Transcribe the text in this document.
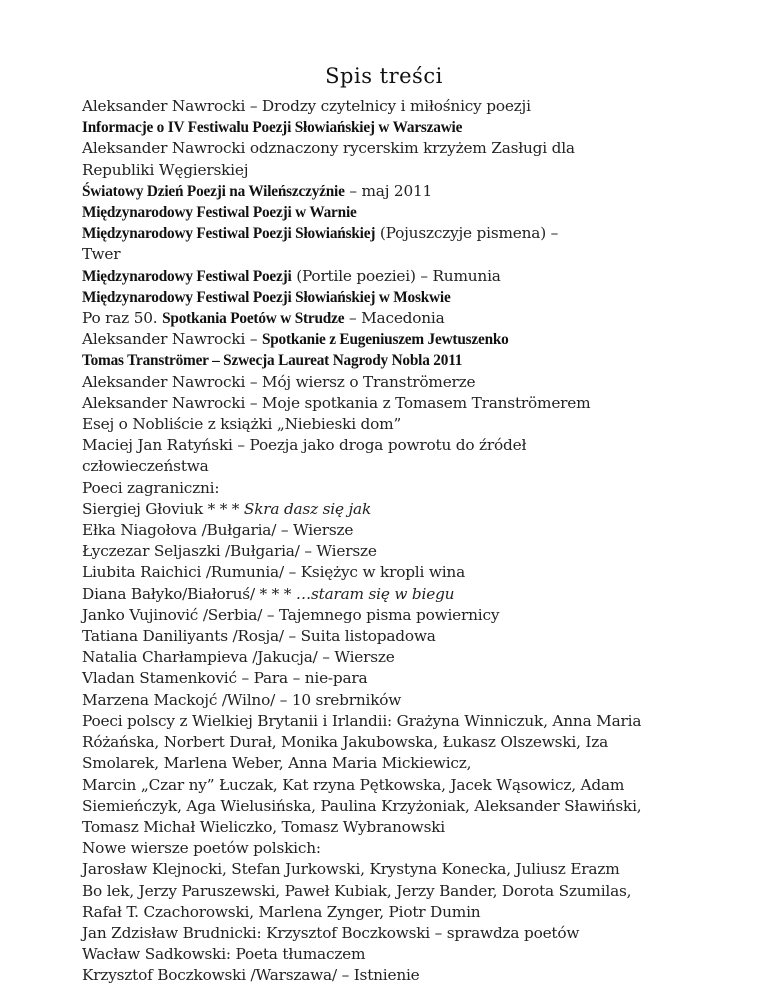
Spis treści
Aleksander Nawrocki – Drodzy czytelnicy i miłośnicy poezji
Informacje o IV Festiwalu Poezji Słowiańskiej w Warszawie
Aleksander Nawrocki odznaczony rycerskim krzyżem Zasługi dla
Republiki Węgierskiej
Światowy Dzień Poezji na Wileńszczyźnie – maj 2011
Międzynarodowy Festiwal Poezji w Warnie
Międzynarodowy Festiwal Poezji Słowiańskiej (Pojuszczyje pismena) –
Twer
Międzynarodowy Festiwal Poezji (Portile poeziei) – Rumunia
Międzynarodowy Festiwal Poezji Słowiańskiej w Moskwie
Po raz 50. Spotkania Poetów w Strudze – Macedonia
Aleksander Nawrocki – Spotkanie z Eugeniuszem Jewtuszenko
Tomas Tranströmer – Szwecja Laureat Nagrody Nobla 2011
Aleksander Nawrocki – Mój wiersz o Tranströmerze
Aleksander Nawrocki – Moje spotkania z Tomasem Tranströmerem
Esej o Nobliście z książki „Niebieski dom”
Maciej Jan Ratyński – Poezja jako droga powrotu do źródeł
człowieczeństwa
Poeci zagraniczni:
Siergiej Głoviuk * * * Skra dasz się jak
Ełka Niagołova /Bułgaria/ – Wiersze
Łyczezar Seljaszki /Bułgaria/ – Wiersze
Liubita Raichici /Rumunia/ – Księżyc w kropli wina
Diana Bałyko/Białoruś/ * * * …staram się w biegu
Janko Vujinović /Serbia/ – Tajemnego pisma powiernicy
Tatiana Daniliyants /Rosja/ – Suita listopadowa
Natalia Charłampieva /Jakucja/ – Wiersze
Vladan Stamenković – Para – nie-para
Marzena Mackojć /Wilno/ – 10 srebrników
Poeci polscy z Wielkiej Brytanii i Irlandii: Grażyna Winniczuk, Anna Maria
Różańska, Norbert Durał, Monika Jakubowska, Łukasz Olszewski, Iza
Smolarek, Marlena Weber, Anna Maria Mickiewicz,
Marcin „Czar ny” Łuczak, Kat rzyna Pętkowska, Jacek Wąsowicz, Adam
Siemieńczyk, Aga Wielusińska, Paulina Krzyżoniak, Aleksander Sławiński,
Tomasz Michał Wieliczko, Tomasz Wybranowski
Nowe wiersze poetów polskich:
Jarosław Klejnocki, Stefan Jurkowski, Krystyna Konecka, Juliusz Erazm
Bo lek, Jerzy Paruszewski, Paweł Kubiak, Jerzy Bander, Dorota Szumilas,
Rafał T. Czachorowski, Marlena Zynger, Piotr Dumin
Jan Zdzisław Brudnicki: Krzysztof Boczkowski – sprawdza poetów
Wacław Sadkowski: Poeta tłumaczem
Krzysztof Boczkowski /Warszawa/ – Istnienie
